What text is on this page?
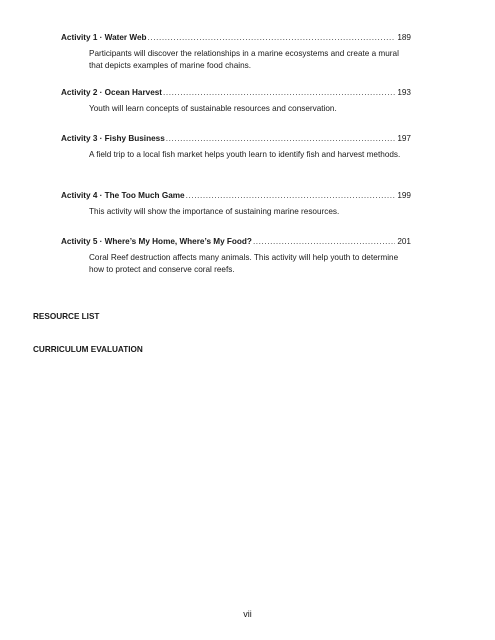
Activity 1 · Water Web .....	189
Participants will discover the relationships in a marine ecosystems and create a mural that depicts examples of marine food chains.
Activity 2 · Ocean Harvest .....	193
Youth will learn concepts of sustainable resources and conservation.
Activity 3 · Fishy Business .....	197
A field trip to a local fish market helps youth learn to identify fish and harvest methods.
Activity 4 · The Too Much Game .....	199
This activity will show the importance of sustaining marine resources.
Activity 5 · Where’s My Home, Where’s My Food? .....	201
Coral Reef destruction affects many animals. This activity will help youth to determine how to protect and conserve coral reefs.
RESOURCE LIST
CURRICULUM EVALUATION
vii
